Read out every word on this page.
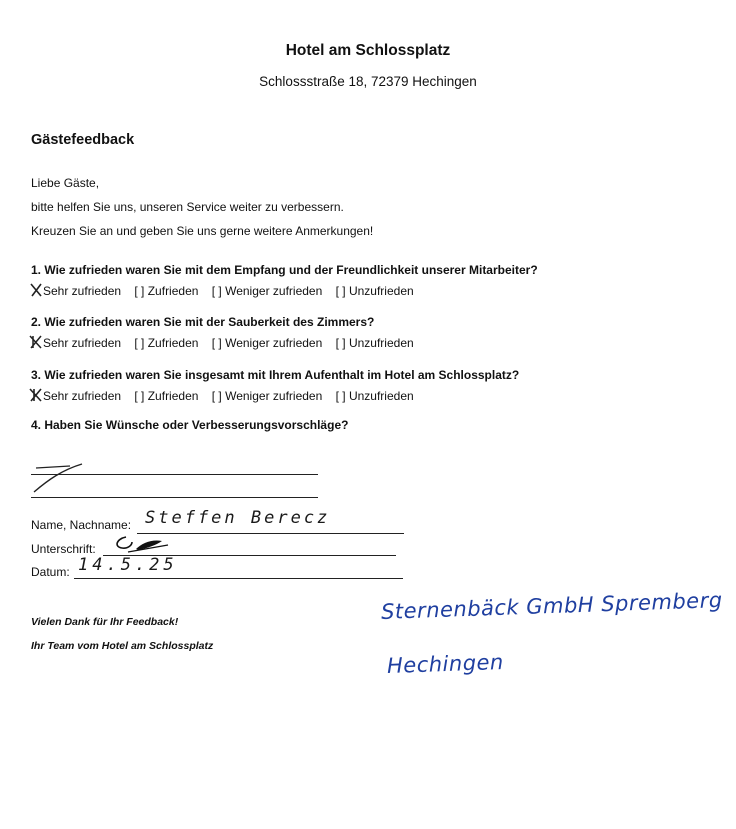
Hotel am Schlossplatz
Schlossstraße 18, 72379 Hechingen
Gästefeedback
Liebe Gäste,
bitte helfen Sie uns, unseren Service weiter zu verbessern.
Kreuzen Sie an und geben Sie uns gerne weitere Anmerkungen!
1. Wie zufrieden waren Sie mit dem Empfang und der Freundlichkeit unserer Mitarbeiter?
Sehr zufrieden [ ] Zufrieden [ ] Weniger zufrieden [ ] Unzufrieden
2. Wie zufrieden waren Sie mit der Sauberkeit des Zimmers?
Sehr zufrieden [ ] Zufrieden [ ] Weniger zufrieden [ ] Unzufrieden
3. Wie zufrieden waren Sie insgesamt mit Ihrem Aufenthalt im Hotel am Schlossplatz?
Sehr zufrieden [ ] Zufrieden [ ] Weniger zufrieden [ ] Unzufrieden
4. Haben Sie Wünsche oder Verbesserungsvorschläge?
Name, Nachname: Steffen Berecz
Unterschrift:
Datum: 14.5.25
Vielen Dank für Ihr Feedback!
Ihr Team vom Hotel am Schlossplatz
Sternenbäck GmbH Spremberg
Hechingen
